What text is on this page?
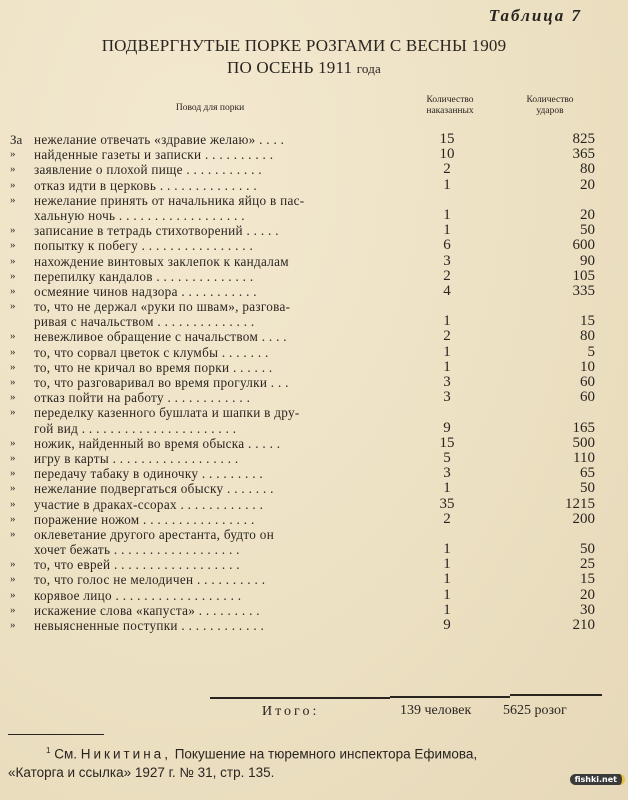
Таблица 7
ПОДВЕРГНУТЫЕ ПОРКЕ РОЗГАМИ С ВЕСНЫ 1909
ПО ОСЕНЬ 1911 года
Повод для порки
Количество
наказанных
Количество
ударов
За нежелание отвечать «здравие желаю» . . . .	15	825
»	найденные газеты и записки . . . . . . . . . .	10	365
»	заявление о плохой пище . . . . . . . . . . .	2	80
»	отказ идти в церковь . . . . . . . . . . . . . .	1	20
»	нежелание принять от начальника яйцо в пас-
хальную ночь . . . . . . . . . . . . . . . . . .	1	20
»	записание в тетрадь стихотворений . . . . .	1	50
»	попытку к побегу . . . . . . . . . . . . . . . .	6	600
»	нахождение винтовых заклепок к кандалам	3	90
»	перепилку кандалов . . . . . . . . . . . . . .	2	105
»	осмеяние чинов надзора . . . . . . . . . . .	4	335
»	то, что не держал «руки по швам», разгова-
ривая с начальством . . . . . . . . . . . . . .	1	15
»	невежливое обращение с начальством . . . .	2	80
»	то, что сорвал цветок с клумбы . . . . . . .	1	5
»	то, что не кричал во время порки . . . . . .	1	10
»	то, что разговаривал во время прогулки . . .	3	60
»	отказ пойти на работу . . . . . . . . . . . .	3	60
»	переделку казенного бушлата и шапки в дру-
гой вид . . . . . . . . . . . . . . . . . . . . . .	9	165
»	ножик, найденный во время обыска . . . . .	15	500
»	игру в карты . . . . . . . . . . . . . . . . . .	5	110
»	передачу табаку в одиночку . . . . . . . . .	3	65
»	нежелание подвергаться обыску . . . . . . .	1	50
»	участие в драках-ссорах . . . . . . . . . . . .	35	1215
»	поражение ножом . . . . . . . . . . . . . . . .	2	200
»	оклеветание другого арестанта, будто он
хочет бежать . . . . . . . . . . . . . . . . . .	1	50
»	то, что еврей . . . . . . . . . . . . . . . . . .	1	25
»	то, что голос не мелодичен . . . . . . . . . .	1	15
»	корявое лицо . . . . . . . . . . . . . . . . . .	1	20
»	искажение слова «капуста» . . . . . . . . .	1	30
»	невыясненные поступки . . . . . . . . . . . .	9	210
Итого:	139 человек 5625 розог
$^1$ См. Никитина, Покушение на тюремного инспектора Ефимова,
«Каторга и ссылка» 1927 г. № 31, стр. 135.	fishki.net
